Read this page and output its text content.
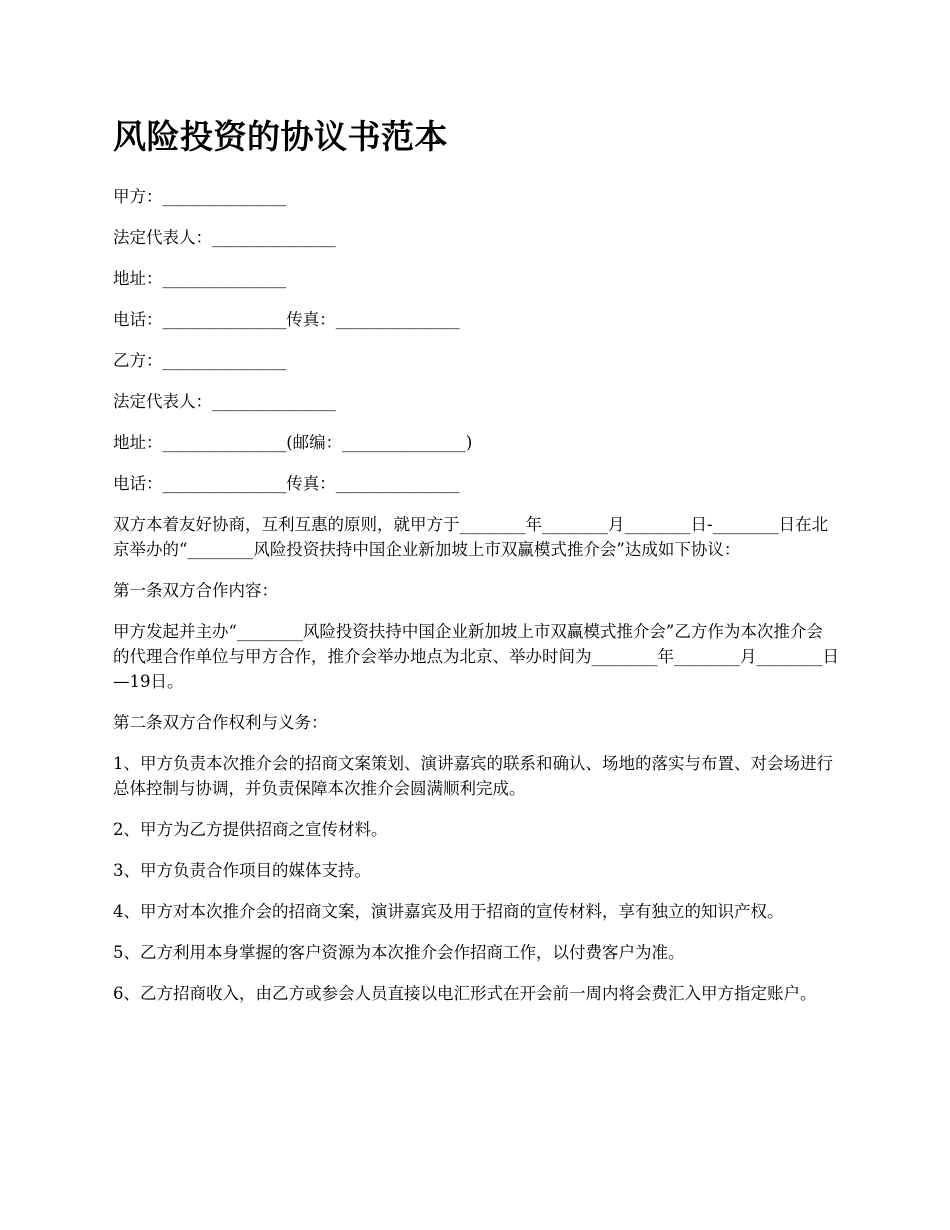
风险投资的协议书范本

甲方：_______________

法定代表人：_______________

地址：_______________

电话：_______________传真：_______________

乙方：_______________

法定代表人：_______________

地址：_______________(邮编：_______________)

电话：_______________传真：_______________

双方本着友好协商，互利互惠的原则，就甲方于________年________月________日-________日在北京举办的“________风险投资扶持中国企业新加坡上市双赢模式推介会”达成如下协议：

第一条双方合作内容：

甲方发起并主办“________风险投资扶持中国企业新加坡上市双赢模式推介会”乙方作为本次推介会的代理合作单位与甲方合作，推介会举办地点为北京、举办时间为________年________月________日—19日。

第二条双方合作权利与义务：

1、甲方负责本次推介会的招商文案策划、演讲嘉宾的联系和确认、场地的落实与布置、对会场进行总体控制与协调，并负责保障本次推介会圆满顺利完成。

2、甲方为乙方提供招商之宣传材料。

3、甲方负责合作项目的媒体支持。

4、甲方对本次推介会的招商文案，演讲嘉宾及用于招商的宣传材料，享有独立的知识产权。

5、乙方利用本身掌握的客户资源为本次推介会作招商工作，以付费客户为准。

6、乙方招商收入，由乙方或参会人员直接以电汇形式在开会前一周内将会费汇入甲方指定账户。
